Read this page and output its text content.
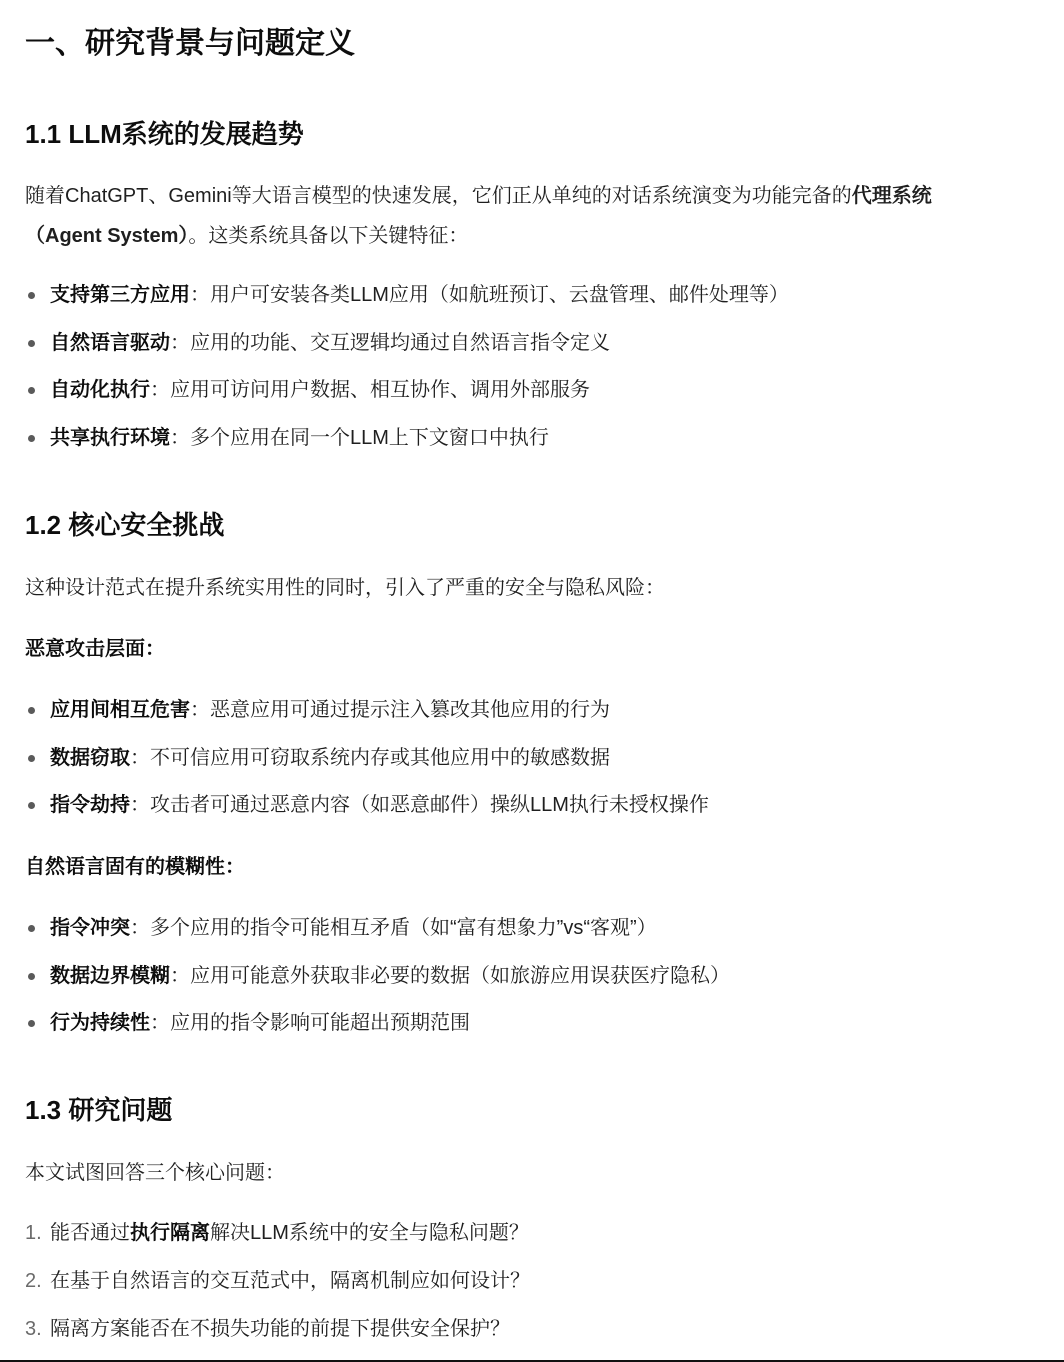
一、研究背景与问题定义
1.1 LLM系统的发展趋势

随着ChatGPT、Gemini等大语言模型的快速发展，它们正从单纯的对话系统演变为功能完备的代理系统
（Agent System）。这类系统具备以下关键特征：

支持第三方应用：用户可安装各类LLM应用（如航班预订、云盘管理、邮件处理等）
自然语言驱动：应用的功能、交互逻辑均通过自然语言指令定义
自动化执行：应用可访问用户数据、相互协作、调用外部服务
共享执行环境：多个应用在同一个LLM上下文窗口中执行
1.2 核心安全挑战

这种设计范式在提升系统实用性的同时，引入了严重的安全与隐私风险：

恶意攻击层面：

应用间相互危害：恶意应用可通过提示注入篡改其他应用的行为
数据窃取：不可信应用可窃取系统内存或其他应用中的敏感数据
指令劫持：攻击者可通过恶意内容（如恶意邮件）操纵LLM执行未授权操作

自然语言固有的模糊性：

指令冲突：多个应用的指令可能相互矛盾（如“富有想象力”vs“客观”）
数据边界模糊：应用可能意外获取非必要的数据（如旅游应用误获医疗隐私）
行为持续性：应用的指令影响可能超出预期范围
1.3 研究问题

本文试图回答三个核心问题：

1. 能否通过执行隔离解决LLM系统中的安全与隐私问题？
2. 在基于自然语言的交互范式中，隔离机制应如何设计？
3. 隔离方案能否在不损失功能的前提下提供安全保护？
